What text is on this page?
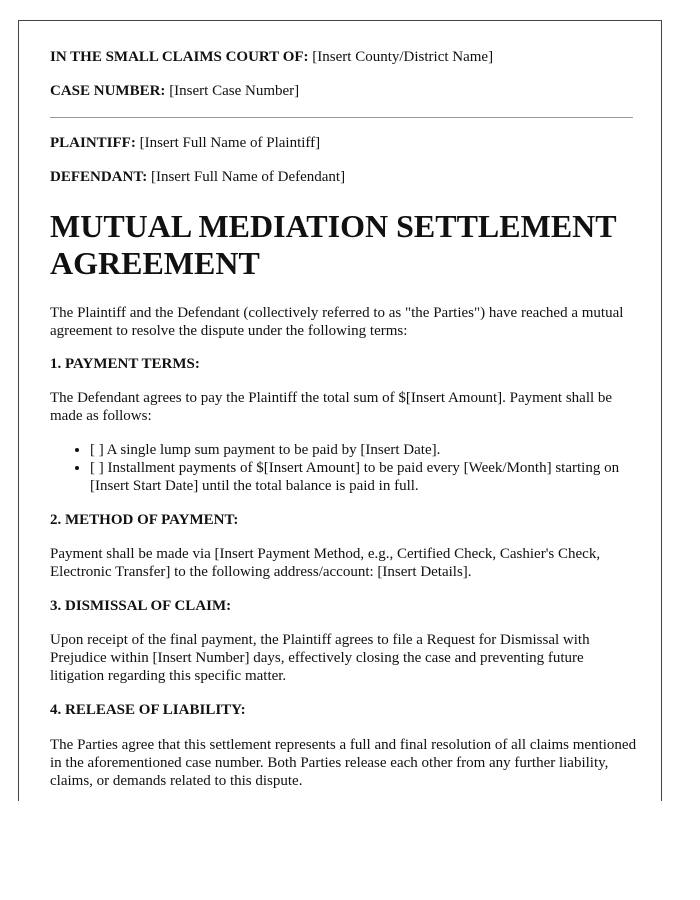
IN THE SMALL CLAIMS COURT OF: [Insert County/District Name]
CASE NUMBER: [Insert Case Number]
PLAINTIFF: [Insert Full Name of Plaintiff]
DEFENDANT: [Insert Full Name of Defendant]
MUTUAL MEDIATION SETTLEMENT AGREEMENT
The Plaintiff and the Defendant (collectively referred to as "the Parties") have reached a mutual agreement to resolve the dispute under the following terms:
1. PAYMENT TERMS:
The Defendant agrees to pay the Plaintiff the total sum of $[Insert Amount]. Payment shall be made as follows:
• [ ] A single lump sum payment to be paid by [Insert Date].
• [ ] Installment payments of $[Insert Amount] to be paid every [Week/Month] starting on [Insert Start Date] until the total balance is paid in full.
2. METHOD OF PAYMENT:
Payment shall be made via [Insert Payment Method, e.g., Certified Check, Cashier's Check, Electronic Transfer] to the following address/account: [Insert Details].
3. DISMISSAL OF CLAIM:
Upon receipt of the final payment, the Plaintiff agrees to file a Request for Dismissal with Prejudice within [Insert Number] days, effectively closing the case and preventing future litigation regarding this specific matter.
4. RELEASE OF LIABILITY:
The Parties agree that this settlement represents a full and final resolution of all claims mentioned in the aforementioned case number. Both Parties release each other from any further liability, claims, or demands related to this dispute.
